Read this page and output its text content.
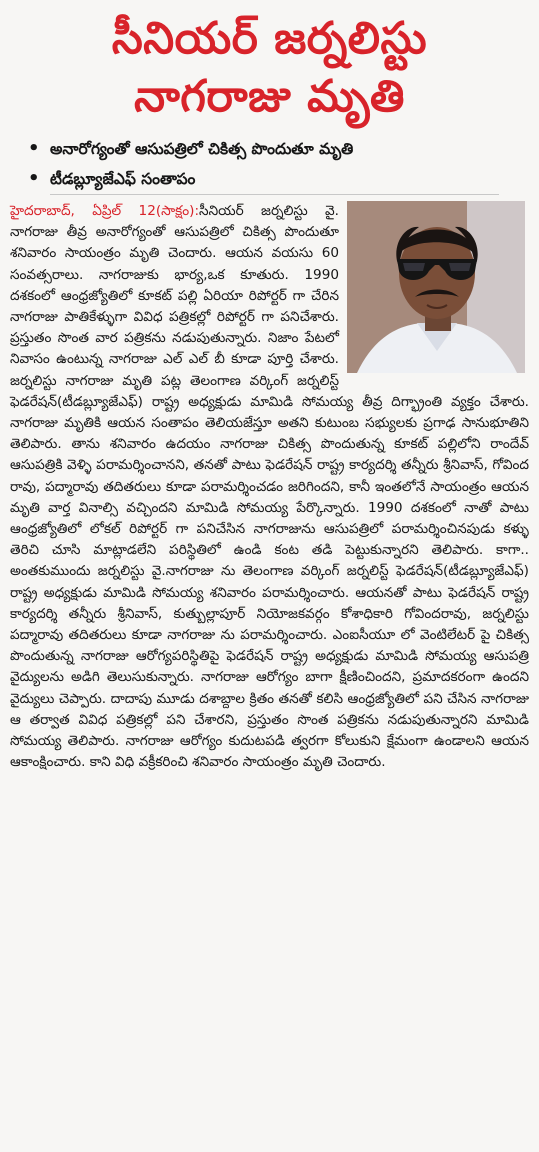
సీనియర్ జర్నలిస్టు
నాగరాజు మృతి
• అనారోగ్యంతో ఆసుపత్రిలో చికిత్స పొందుతూ మృతి
• టీడబ్ల్యూజేఎఫ్ సంతాపం
హైదరాబాద్, ఏప్రిల్ 12(సాక్షం):సీనియర్ జర్నలిస్టు వై. నాగరాజు తీవ్ర అనారోగ్యంతో ఆసుపత్రిలో చికిత్స పొందుతూ శనివారం సాయంత్రం మృతి చెందారు. ఆయన వయసు 60 సంవత్సరాలు. నాగరాజుకు భార్య,ఒక కూతురు. 1990 దశకంలో ఆంధ్రజ్యోతిలో కూకట్ పల్లి ఏరియా రిపోర్టర్ గా చేరిన నాగరాజు పాతికేళ్ళుగా వివిధ పత్రికల్లో రిపోర్టర్ గా పనిచేశారు. ప్రస్తుతం సొంత వార పత్రికను నడుపుతున్నారు. నిజాం పేటలో నివాసం ఉంటున్న నాగరాజు ఎల్ ఎల్ బీ కూడా పూర్తి చేశారు. జర్నలిస్టు నాగరాజు మృతి పట్ల తెలంగాణ వర్కింగ్ జర్నలిస్ట్ ఫెడరేషన్(టీడబ్ల్యూజేఎఫ్) రాష్ట్ర అధ్యక్షుడు మామిడి సోమయ్య తీవ్ర దిగ్భ్రాంతి వ్యక్తం చేశారు. నాగరాజు మృతికి ఆయన సంతాపం తెలియజేస్తూ అతని కుటుంబ సభ్యులకు ప్రగాఢ సానుభూతిని తెలిపారు. తాను శనివారం ఉదయం నాగరాజు చికిత్స పొందుతున్న కూకట్ పల్లిలోని రాందేవ్ ఆసుపత్రికి వెళ్ళి పరామర్శించానని, తనతో పాటు ఫెడరేషన్ రాష్ట్ర కార్యదర్శి తన్నీరు శ్రీనివాస్, గోవింద రావు, పద్మారావు తదితరులు కూడా పరామర్శించడం జరిగిందని, కానీ ఇంతలోనే సాయంత్రం ఆయన మృతి వార్త వినాల్సి వచ్చిందని మామిడి సోమయ్య పేర్కొన్నారు. 1990 దశకంలో నాతో పాటు ఆంధ్రజ్యోతిలో లోకల్ రిపోర్టర్ గా పనిచేసిన నాగరాజును ఆసుపత్రిలో పరామర్శించినపుడు కళ్ళు తెరిచి చూసి మాట్లాడలేని పరిస్థితిలో ఉండి కంట తడి పెట్టుకున్నారని తెలిపారు. కాగా.. అంతకుముందు జర్నలిస్టు వై.నాగరాజు ను తెలంగాణ వర్కింగ్ జర్నలిస్ట్ ఫెడరేషన్(టీడబ్ల్యూజేఎఫ్) రాష్ట్ర అధ్యక్షుడు మామిడి సోమయ్య శనివారం పరామర్శించారు. ఆయనతో పాటు ఫెడరేషన్ రాష్ట్ర కార్యదర్శి తన్నీరు శ్రీనివాస్, కుత్బుల్లాపూర్ నియోజకవర్గం కోశాధికారి గోవిందరావు, జర్నలిస్టు పద్మారావు తదితరులు కూడా నాగరాజు ను పరామర్శించారు. ఎంఐసీయూ లో వెంటిలేటర్ పై చికిత్స పొందుతున్న నాగరాజు ఆరోగ్యపరిస్థితిపై ఫెడరేషన్ రాష్ట్ర అధ్యక్షుడు మామిడి సోమయ్య ఆసుపత్రి వైద్యులను అడిగి తెలుసుకున్నారు. నాగరాజు ఆరోగ్యం బాగా క్షీణించిందని, ప్రమాదకరంగా ఉందని వైద్యులు చెప్పారు. దాదాపు మూడు దశాబ్దాల క్రితం తనతో కలిసి ఆంధ్రజ్యోతిలో పని చేసిన నాగరాజు ఆ తర్వాత వివిధ పత్రికల్లో పని చేశారని, ప్రస్తుతం సొంత పత్రికను నడుపుతున్నారని మామిడి సోమయ్య తెలిపారు. నాగరాజు ఆరోగ్యం కుదుటపడి త్వరగా కోలుకుని క్షేమంగా ఉండాలని ఆయన ఆకాంక్షించారు. కాని విధి వక్రీకరించి శనివారం సాయంత్రం మృతి చెందారు.
